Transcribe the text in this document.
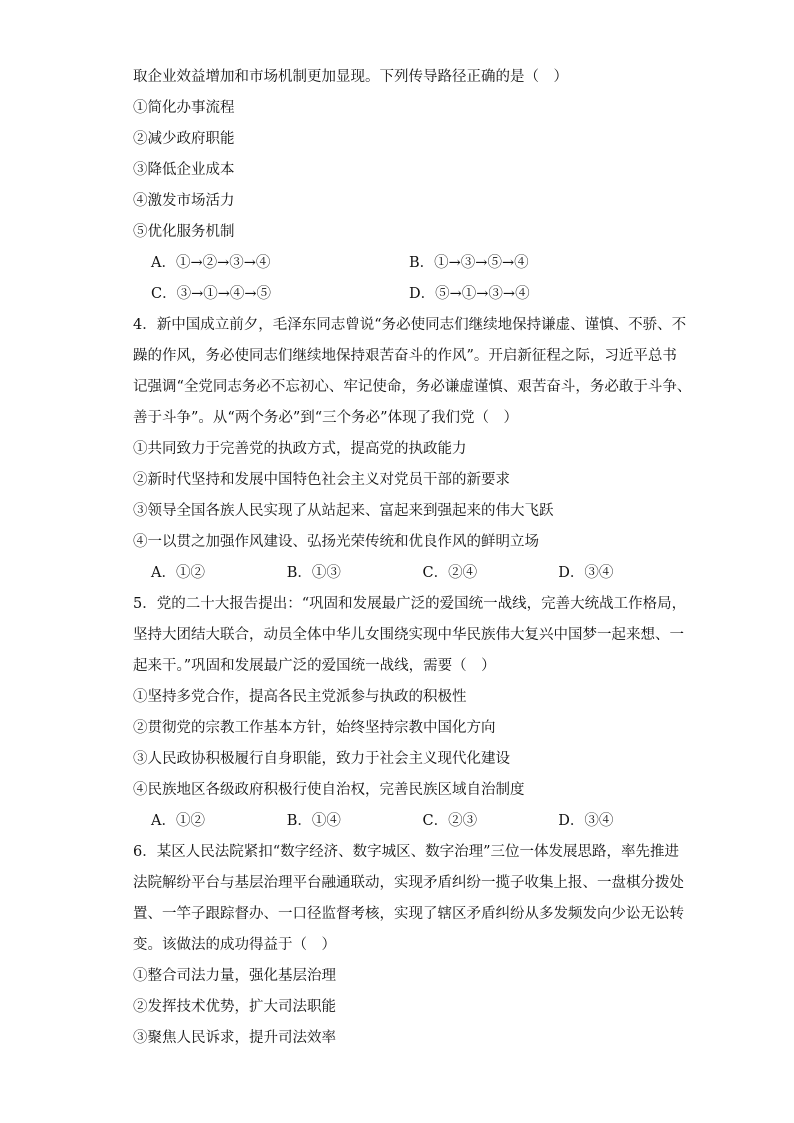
取企业效益增加和市场机制更加显现。下列传导路径正确的是（　）
①简化办事流程
②减少政府职能
③降低企业成本
④激发市场活力
⑤优化服务机制
A．①→②→③→④	B．①→③→⑤→④
C．③→①→④→⑤	D．⑤→①→③→④
4．新中国成立前夕，毛泽东同志曾说“务必使同志们继续地保持谦虚、谨慎、不骄、不
躁的作风，务必使同志们继续地保持艰苦奋斗的作风”。开启新征程之际，习近平总书
记强调“全党同志务必不忘初心、牢记使命，务必谦虚谨慎、艰苦奋斗，务必敢于斗争、
善于斗争”。从“两个务必”到“三个务必”体现了我们党（　）
①共同致力于完善党的执政方式，提高党的执政能力
②新时代坚持和发展中国特色社会主义对党员干部的新要求
③领导全国各族人民实现了从站起来、富起来到强起来的伟大飞跃
④一以贯之加强作风建设、弘扬光荣传统和优良作风的鲜明立场
A．①②	B．①③	C．②④	D．③④
5．党的二十大报告提出：“巩固和发展最广泛的爱国统一战线，完善大统战工作格局，
坚持大团结大联合，动员全体中华儿女围绕实现中华民族伟大复兴中国梦一起来想、一
起来干。”巩固和发展最广泛的爱国统一战线，需要（　）
①坚持多党合作，提高各民主党派参与执政的积极性
②贯彻党的宗教工作基本方针，始终坚持宗教中国化方向
③人民政协积极履行自身职能，致力于社会主义现代化建设
④民族地区各级政府积极行使自治权，完善民族区域自治制度
A．①②	B．①④	C．②③	D．③④
6．某区人民法院紧扣“数字经济、数字城区、数字治理”三位一体发展思路，率先推进
法院解纷平台与基层治理平台融通联动，实现矛盾纠纷一揽子收集上报、一盘棋分拨处
置、一竿子跟踪督办、一口径监督考核，实现了辖区矛盾纠纷从多发频发向少讼无讼转
变。该做法的成功得益于（　）
①整合司法力量，强化基层治理
②发挥技术优势，扩大司法职能
③聚焦人民诉求，提升司法效率
